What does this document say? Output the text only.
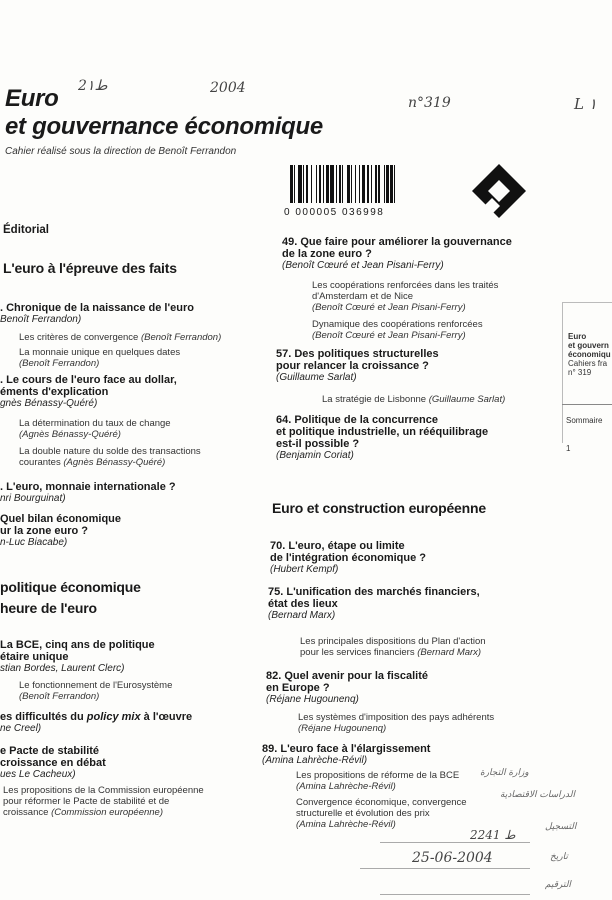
2ط١	2004
n°319	L ١
Euro
et gouvernance économique
Cahier réalisé sous la direction de Benoît Ferrandon
0 000005 036998
Éditorial
L'euro à l'épreuve des faits
. Chronique de la naissance de l'euro
Benoît Ferrandon)
Les critères de convergence (Benoît Ferrandon)
La monnaie unique en quelques dates
(Benoît Ferrandon)
. Le cours de l'euro face au dollar,
éments d'explication
gnès Bénassy-Quéré)
La détermination du taux de change
(Agnès Bénassy-Quéré)
La double nature du solde des transactions
courantes (Agnès Bénassy-Quéré)
. L'euro, monnaie internationale ?
nri Bourguinat)
Quel bilan économique
ur la zone euro ?
n-Luc Biacabe)
politique économique
heure de l'euro
La BCE, cinq ans de politique
étaire unique
stian Bordes, Laurent Clerc)
Le fonctionnement de l'Eurosystème
(Benoît Ferrandon)
es difficultés du policy mix à l'œuvre
ne Creel)
e Pacte de stabilité
croissance en débat
ues Le Cacheux)
Les propositions de la Commission européenne
pour réformer le Pacte de stabilité et de
croissance (Commission européenne)
49. Que faire pour améliorer la gouvernance
de la zone euro ?
(Benoît Cœuré et Jean Pisani-Ferry)
Les coopérations renforcées dans les traités
d'Amsterdam et de Nice
(Benoît Cœuré et Jean Pisani-Ferry)
Dynamique des coopérations renforcées
(Benoît Cœuré et Jean Pisani-Ferry)
57. Des politiques structurelles
pour relancer la croissance ?
(Guillaume Sarlat)
La stratégie de Lisbonne (Guillaume Sarlat)
64. Politique de la concurrence
et politique industrielle, un rééquilibrage
est-il possible ?
(Benjamin Coriat)
Euro et construction européenne
70. L'euro, étape ou limite
de l'intégration économique ?
(Hubert Kempf)
75. L'unification des marchés financiers,
état des lieux
(Bernard Marx)
Les principales dispositions du Plan d'action
pour les services financiers (Bernard Marx)
82. Quel avenir pour la fiscalité
en Europe ?
(Réjane Hugounenq)
Les systèmes d'imposition des pays adhérents
(Réjane Hugounenq)
89. L'euro face à l'élargissement
(Amina Lahrèche-Révil)
Les propositions de réforme de la BCE
(Amina Lahrèche-Révil)
Convergence économique, convergence
structurelle et évolution des prix
(Amina Lahrèche-Révil)
ﻭﺯﺍﺭﺓ ﺍﻟﺘﺠﺎﺭﺓ
ﺍﻟﺪﺭﺍﺳﺎﺕ ﺍﻻﻗﺘﺼﺎﺩﻳﺔ
ﺍﻟﺘﺴﺠﻴﻞ
2ط 241
25-06-2004	ﺗﺎﺭﻳﺦ
ﺍﻟﺘﺮﻗﻴﻢ
Euro
et gouvern
économiqu
Cahiers fra
n° 319
Sommaire
1
